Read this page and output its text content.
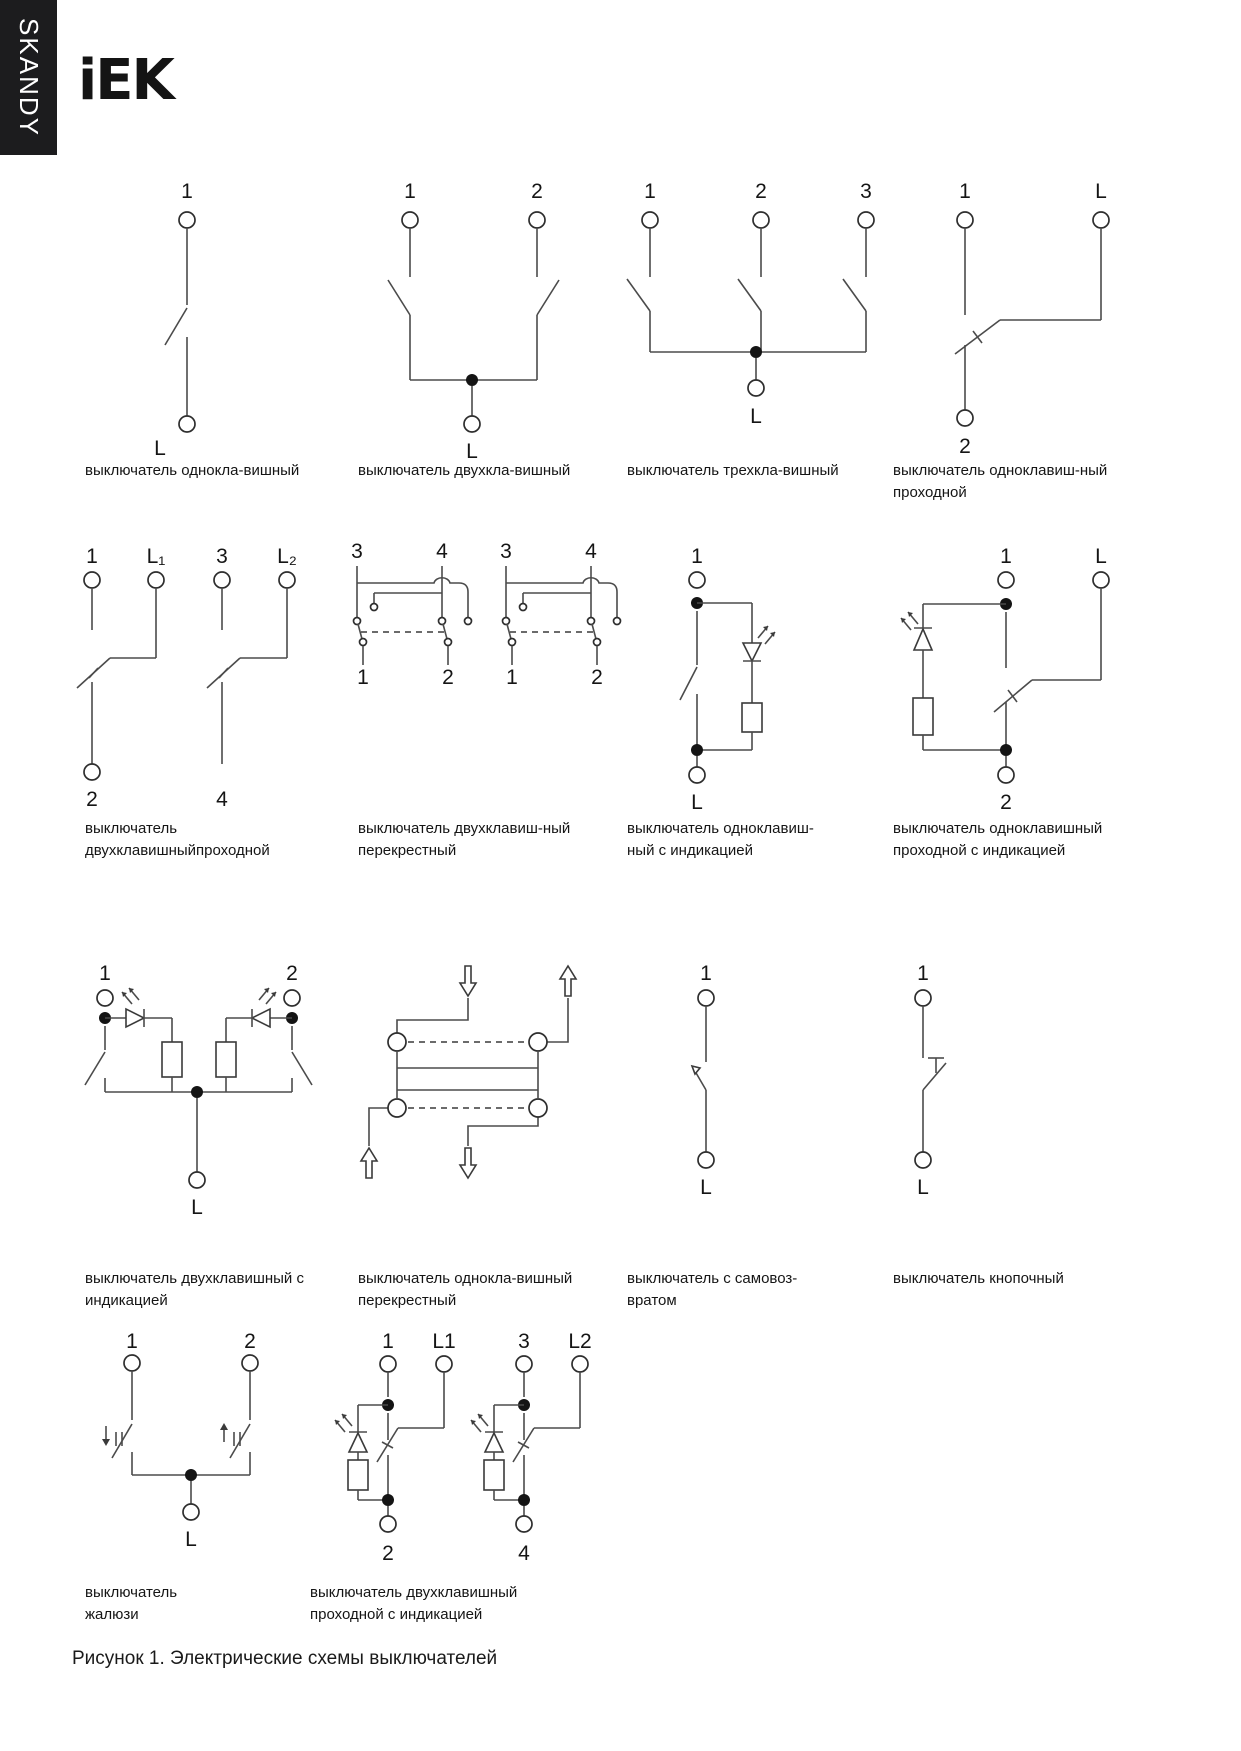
SKANDY iEK
1
L
1	2
L
1	2	3
L
1	L
2
выключатель однокла-вишный	выключатель двухкла-вишный	выключатель трехкла-вишный	выключатель одноклавиш-ный
проходной
1 L₁ 3 L₂
2	4
3	4
1	2
3	4
1	2
1
L
1	L
2
выключатель
двухклавишныйпроходной
выключатель двухклавиш-ный
перекрестный
выключатель одноклавиш-
ный с индикацией
выключатель одноклавишный
проходной с индикацией
1	2
L
1
L
1
L
выключатель двухклавишный с
индикацией
выключатель однокла-вишный
перекрестный
выключатель с самовоз-
вратом
выключатель кнопочный
1	2
L
1 L1
2
3 L2
4
выключатель
жалюзи
выключатель двухклавишный
проходной с индикацией
Рисунок 1. Электрические схемы выключателей
